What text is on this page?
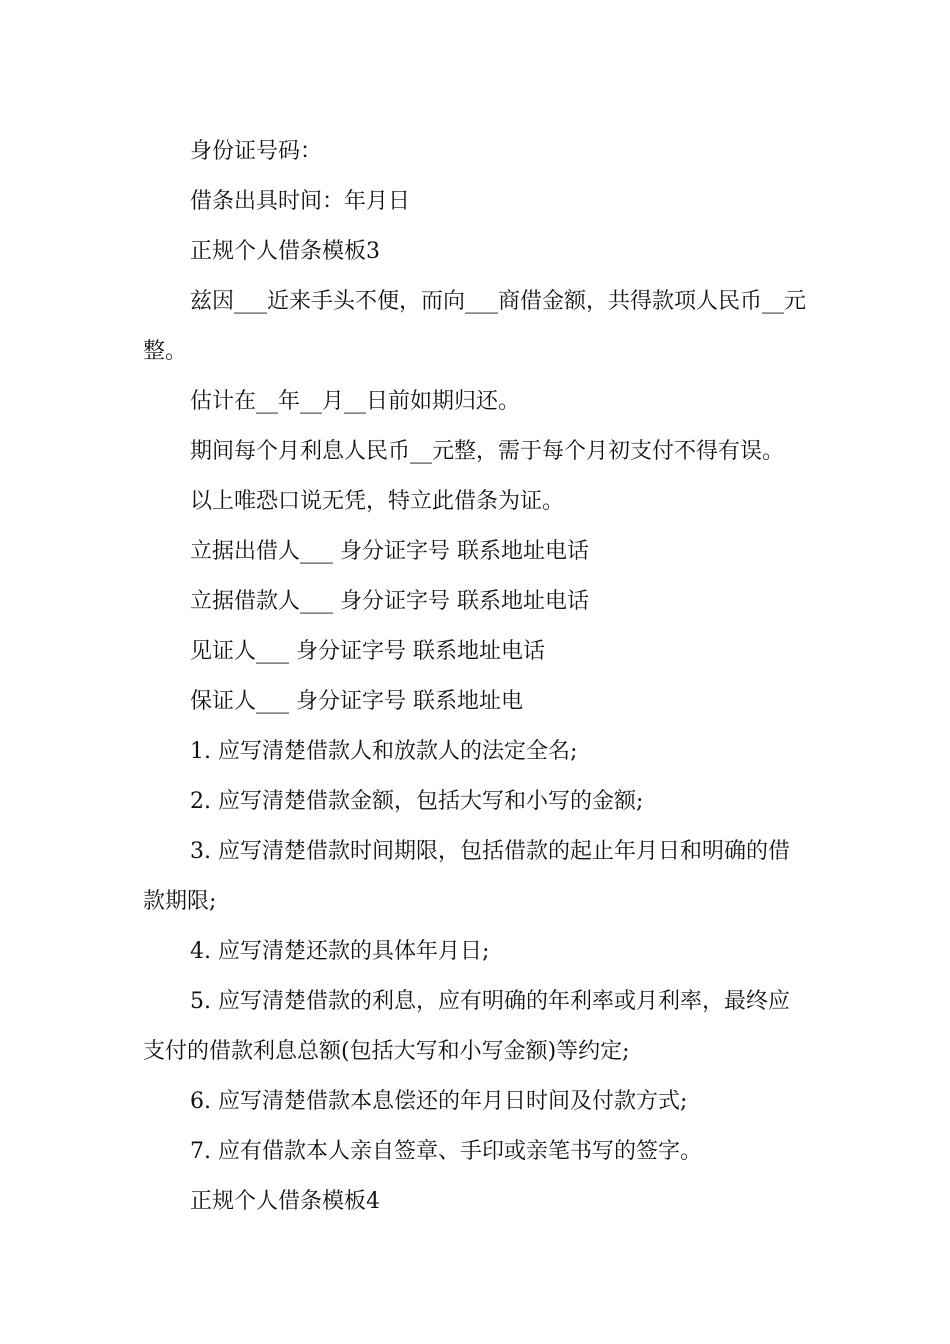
身份证号码：

借条出具时间：年月日

正规个人借条模板3

兹因___近来手头不便，而向___商借金额，共得款项人民币__元整。

估计在__年__月__日前如期归还。

期间每个月利息人民币__元整，需于每个月初支付不得有误。

以上唯恐口说无凭，特立此借条为证。

立据出借人___ 身分证字号 联系地址电话

立据借款人___ 身分证字号 联系地址电话

见证人___ 身分证字号 联系地址电话

保证人___ 身分证字号 联系地址电

1. 应写清楚借款人和放款人的法定全名;

2. 应写清楚借款金额，包括大写和小写的金额;

3. 应写清楚借款时间期限，包括借款的起止年月日和明确的借款期限;

4. 应写清楚还款的具体年月日;

5. 应写清楚借款的利息，应有明确的年利率或月利率，最终应支付的借款利息总额(包括大写和小写金额)等约定;

6. 应写清楚借款本息偿还的年月日时间及付款方式;

7. 应有借款本人亲自签章、手印或亲笔书写的签字。

正规个人借条模板4
